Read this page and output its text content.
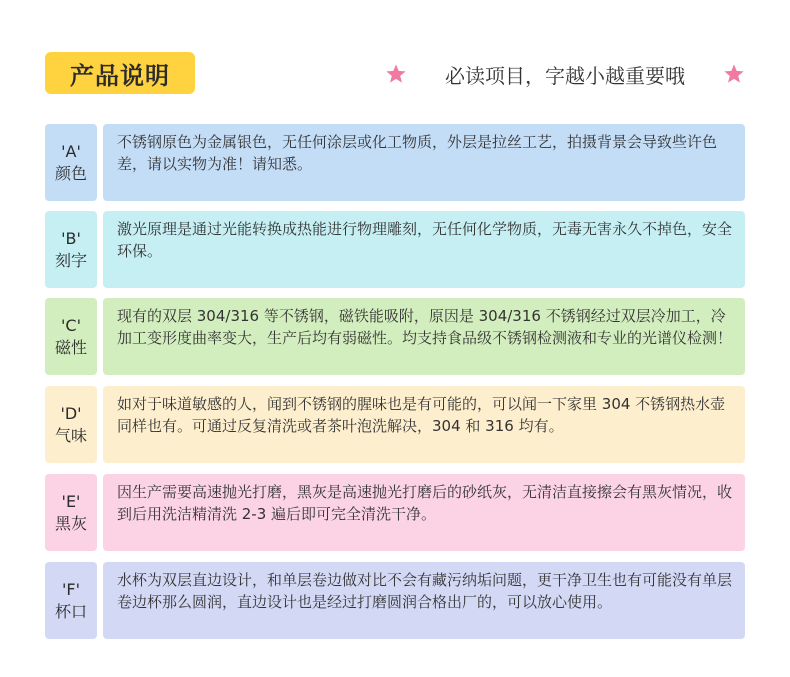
产品说明	必读项目，字越小越重要哦
'A'
颜色
不锈钢原色为金属银色，无任何涂层或化工物质，外层是拉丝工艺，拍摄背景会导致些许色差，请以实物为准！请知悉。
'B'
刻字
激光原理是通过光能转换成热能进行物理雕刻，无任何化学物质，无毒无害永久不掉色，安全环保。
'C'
磁性
现有的双层 304/316 等不锈钢，磁铁能吸附，原因是 304/316 不锈钢经过双层冷加工，冷加工变形度曲率变大，生产后均有弱磁性。均支持食品级不锈钢检测液和专业的光谱仪检测！
'D'
气味
如对于味道敏感的人，闻到不锈钢的腥味也是有可能的，可以闻一下家里 304 不锈钢热水壶同样也有。可通过反复清洗或者茶叶泡洗解决，304 和 316 均有。
'E'
黑灰
因生产需要高速抛光打磨，黑灰是高速抛光打磨后的砂纸灰，无清洁直接擦会有黑灰情况，收到后用洗洁精清洗 2-3 遍后即可完全清洗干净。
'F'
杯口
水杯为双层直边设计，和单层卷边做对比不会有藏污纳垢问题，更干净卫生也有可能没有单层卷边杯那么圆润，直边设计也是经过打磨圆润合格出厂的，可以放心使用。
